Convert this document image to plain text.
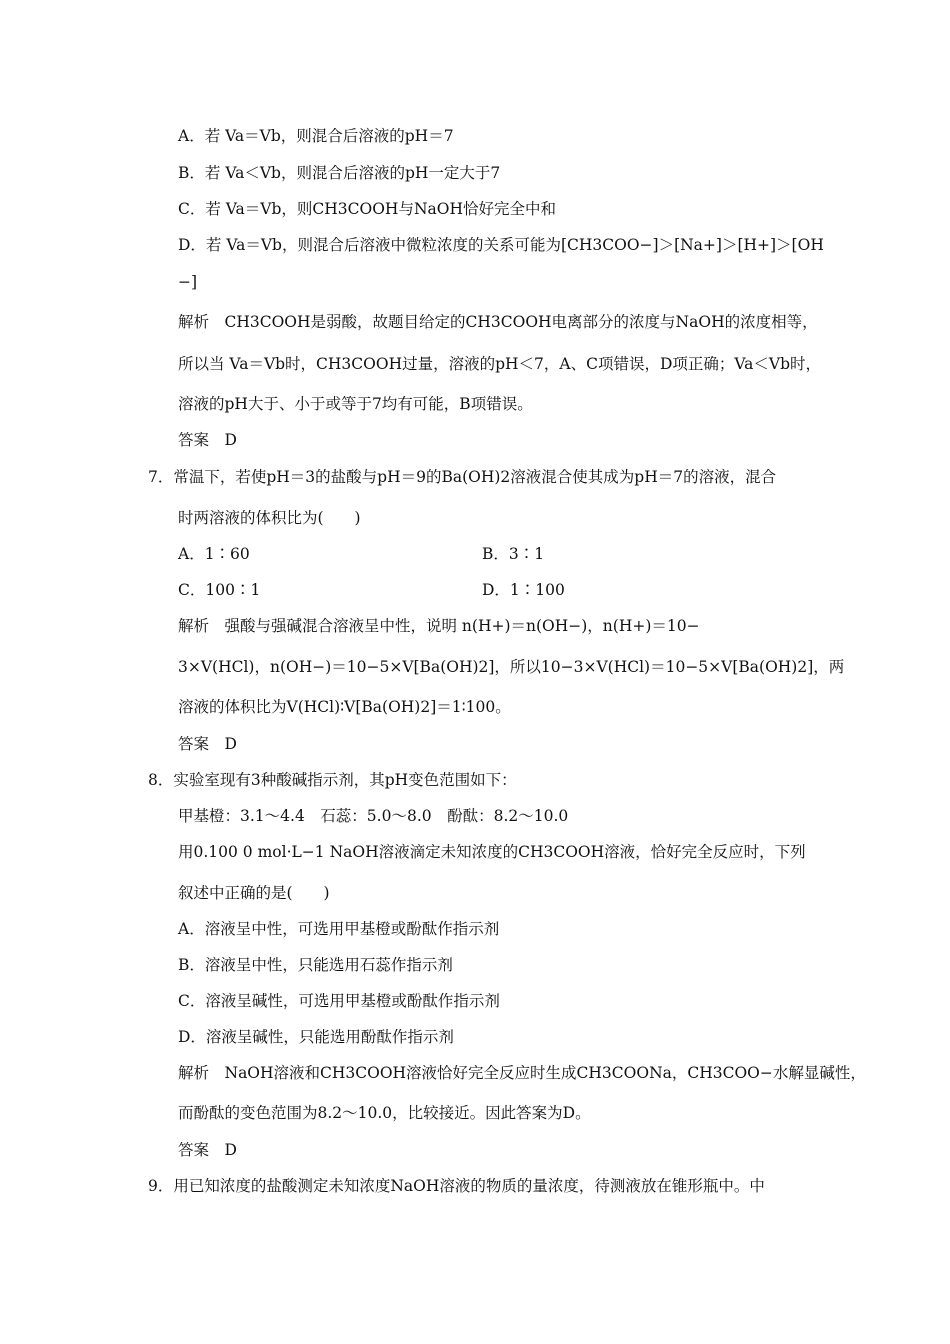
A．若 Va＝Vb，则混合后溶液的pH＝7
B．若 Va＜Vb，则混合后溶液的pH一定大于7
C．若 Va＝Vb，则CH3COOH与NaOH恰好完全中和
D．若 Va＝Vb，则混合后溶液中微粒浓度的关系可能为[CH3COO−]＞[Na+]＞[H+]＞[OH
−]
解析　CH3COOH是弱酸，故题目给定的CH3COOH电离部分的浓度与NaOH的浓度相等，
所以当 Va＝Vb时，CH3COOH过量，溶液的pH＜7，A、C项错误，D项正确；Va＜Vb时，
溶液的pH大于、小于或等于7均有可能，B项错误。
答案　D
7．常温下，若使pH＝3的盐酸与pH＝9的Ba(OH)2溶液混合使其成为pH＝7的溶液，混合
时两溶液的体积比为(　　)
A．1∶60	B．3∶1
C．100∶1	D．1∶100
解析　强酸与强碱混合溶液呈中性，说明 n(H+)＝n(OH−)，n(H+)＝10−
3×V(HCl)，n(OH−)＝10−5×V[Ba(OH)2]，所以10−3×V(HCl)＝10−5×V[Ba(OH)2]，两
溶液的体积比为V(HCl)∶V[Ba(OH)2]＝1∶100。
答案　D
8．实验室现有3种酸碱指示剂，其pH变色范围如下：
甲基橙：3.1～4.4　石蕊：5.0～8.0　酚酞：8.2～10.0
用0.100 0 mol·L−1 NaOH溶液滴定未知浓度的CH3COOH溶液，恰好完全反应时，下列
叙述中正确的是(　　)
A．溶液呈中性，可选用甲基橙或酚酞作指示剂
B．溶液呈中性，只能选用石蕊作指示剂
C．溶液呈碱性，可选用甲基橙或酚酞作指示剂
D．溶液呈碱性，只能选用酚酞作指示剂
解析　NaOH溶液和CH3COOH溶液恰好完全反应时生成CH3COONa，CH3COO−水解显碱性，
而酚酞的变色范围为8.2～10.0，比较接近。因此答案为D。
答案　D
9．用已知浓度的盐酸测定未知浓度NaOH溶液的物质的量浓度，待测液放在锥形瓶中。中
